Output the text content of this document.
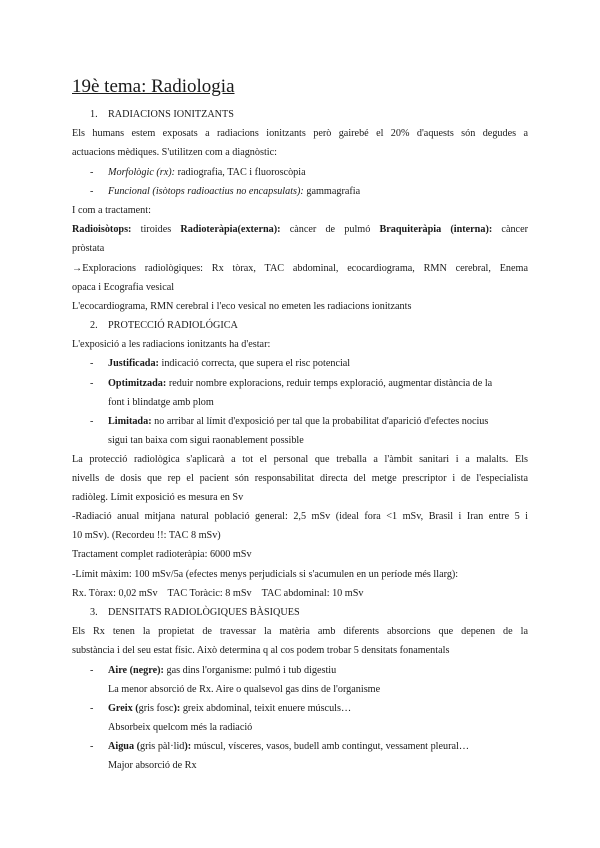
19è tema: Radiologia
1. RADIACIONS IONITZANTS
Els humans estem exposats a radiacions ionitzants però gairebé el 20% d'aquests són degudes a
actuacions mèdiques. S'utilitzen com a diagnòstic:
- Morfològic (rx): radiografia, TAC i fluoroscòpia
- Funcional (isòtops radioactius no encapsulats): gammagrafia
I com a tractament:
Radioisòtops: tiroides Radioteràpia(externa): càncer de pulmó Braquiteràpia (interna): càncer
pròstata
→Exploracions radiològiques: Rx tòrax, TAC abdominal, ecocardiograma, RMN cerebral, Enema
opaca i Ecografia vesical
L'ecocardiograma, RMN cerebral i l'eco vesical no emeten les radiacions ionitzants
2. PROTECCIÓ RADIOLÓGICA
L'exposició a les radiacions ionitzants ha d'estar:
- Justificada: indicació correcta, que supera el risc potencial
- Optimitzada: reduir nombre exploracions, reduir temps exploració, augmentar distància de la
font i blindatge amb plom
- Limitada: no arribar al límit d'exposició per tal que la probabilitat d'aparició d'efectes nocius
sigui tan baixa com sigui raonablement possible
La protecció radiològica s'aplicarà a tot el personal que treballa a l'àmbit sanitari i a malalts. Els
nivells de dosis que rep el pacient són responsabilitat directa del metge prescriptor i de l'especialista
radiòleg. Límit exposició es mesura en Sv
-Radiació anual mitjana natural població general: 2,5 mSv (ideal fora <1 mSv, Brasil i Iran entre 5 i
10 mSv). (Recordeu !!: TAC 8 mSv)
Tractament complet radioteràpia: 6000 mSv
-Límit màxim: 100 mSv/5a (efectes menys perjudicials si s'acumulen en un període més llarg):
Rx. Tòrax: 0,02 mSv    TAC Toràcic: 8 mSv    TAC abdominal: 10 mSv
3. DENSITATS RADIOLÒGIQUES BÀSIQUES
Els Rx tenen la propietat de travessar la matèria amb diferents absorcions que depenen de la
substància i del seu estat físic. Això determina q al cos podem trobar 5 densitats fonamentals
- Aire (negre): gas dins l'organisme: pulmó i tub digestiu
La menor absorció de Rx. Aire o qualsevol gas dins de l'organisme
- Greix (gris fosc): greix abdominal, teixit enuere músculs…
Absorbeix quelcom més la radiació
- Aigua (gris pàl·lid): múscul, vísceres, vasos, budell amb contingut, vessament pleural…
Major absorció de Rx
